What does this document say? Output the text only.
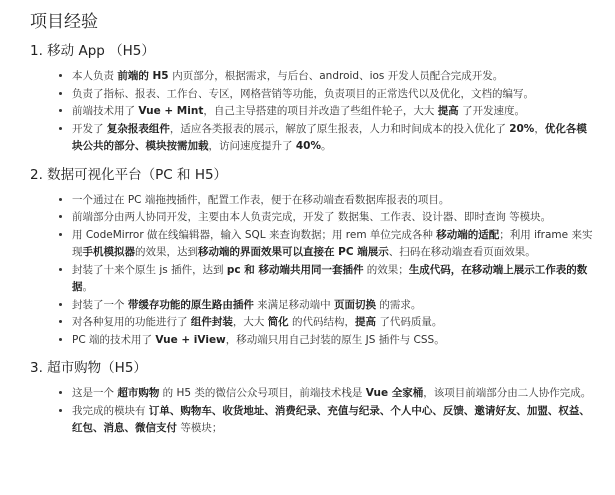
项目经验
1. 移动 App （H5）
• 本人负责 前端的 H5 内页部分，根据需求，与后台、android、ios 开发人员配合完成开发。
• 负责了指标、报表、工作台、专区，网格营销等功能，负责项目的正常迭代以及优化，文档的编写。
• 前端技术用了 Vue + Mint，自己主导搭建的项目并改造了些组件轮子，大大 提高 了开发速度。
• 开发了 复杂报表组件，适应各类报表的展示，解放了原生报表，人力和时间成本的投入优化了 20%，优化各模块公共的部分、模块按需加载，访问速度提升了 40%。
2. 数据可视化平台（PC 和 H5）
• 一个通过在 PC 端拖拽插件，配置工作表，便于在移动端查看数据库报表的项目。
• 前端部分由两人协同开发，主要由本人负责完成，开发了 数据集、工作表、设计器、即时查询 等模块。
• 用 CodeMirror 做在线编辑器，输入 SQL 来查询数据；用 rem 单位完成各种 移动端的适配；利用 iframe 来实现手机模拟器的效果，达到移动端的界面效果可以直接在 PC 端展示、扫码在移动端查看页面效果。
• 封装了十来个原生 js 插件，达到 pc 和 移动端共用同一套插件 的效果；生成代码，在移动端上展示工作表的数据。
• 封装了一个 带缓存功能的原生路由插件 来满足移动端中 页面切换 的需求。
• 对各种复用的功能进行了 组件封装，大大 简化 的代码结构，提高 了代码质量。
• PC 端的技术用了 Vue + iView，移动端只用自己封装的原生 JS 插件与 CSS。
3. 超市购物（H5）
• 这是一个 超市购物 的 H5 类的微信公众号项目，前端技术栈是 Vue 全家桶，该项目前端部分由二人协作完成。
• 我完成的模块有 订单、购物车、收货地址、消费纪录、充值与纪录、个人中心、反馈、邀请好友、加盟、权益、红包、消息、微信支付 等模块；
